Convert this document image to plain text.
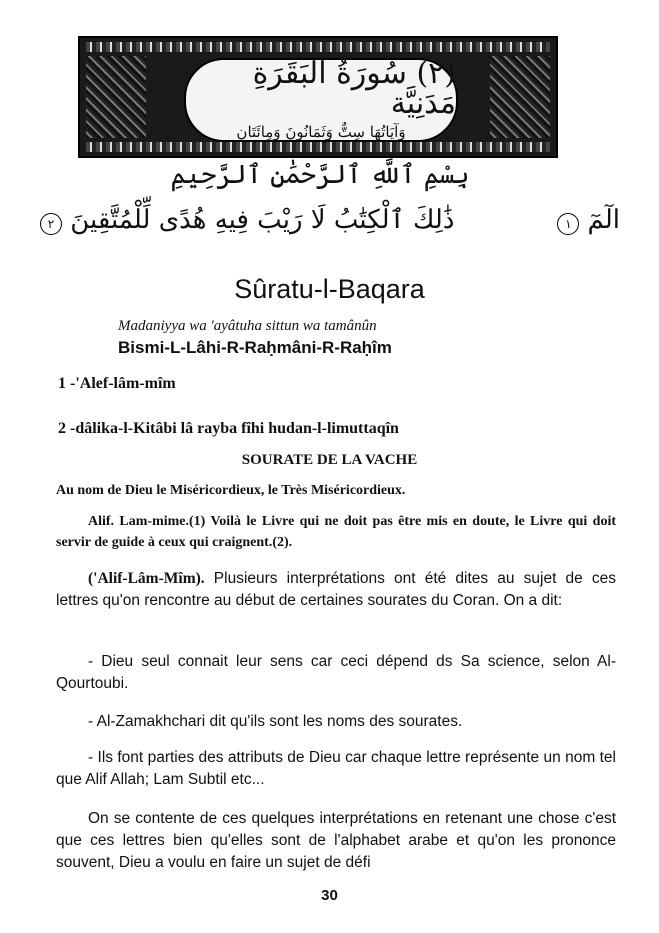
(٢) سُورَةُ البَقَرَةِ مَدَنِيَّة
وَآيَاتُهَا سِتٌّ وَثَمَانُونَ وَمِائَتَان
بِسْمِ ٱللَّهِ ٱلرَّحْمَٰنِ ٱلرَّحِيمِ
الٓمٓ ١
ذَٰلِكَ ٱلْكِتَٰبُ لَا رَيْبَ فِيهِ هُدًى لِّلْمُتَّقِينَ ٢
Sûratu-l-Baqara
Madaniyya wa 'ayâtuha sittun wa tamânûn
Bismi-L-Lâhi-R-Raḥmâni-R-Raḥîm
1 -'Alef-lâm-mîm
2 -dâlika-l-Kitâbi lâ rayba fîhi hudan-l-limuttaqîn
SOURATE DE LA VACHE
Au nom de Dieu le Miséricordieux, le Très Miséricordieux.
Alif. Lam-mime.(1) Voilà le Livre qui ne doit pas être mis en doute, le Livre qui doit servir de guide à ceux qui craignent.(2).
('Alif-Lâm-Mîm). Plusieurs interprétations ont été dites au sujet de ces lettres qu'on rencontre au début de certaines sourates du Coran. On a dit:
- Dieu seul connait leur sens car ceci dépend ds Sa science, selon Al-Qourtoubi.
- Al-Zamakhchari dit qu'ils sont les noms des sourates.
- Ils font parties des attributs de Dieu car chaque lettre représente un nom tel que Alif Allah; Lam Subtil etc...
On se contente de ces quelques interprétations en retenant une chose c'est que ces lettres bien qu'elles sont de l'alphabet arabe et qu'on les prononce souvent, Dieu a voulu en faire un sujet de défi
30
